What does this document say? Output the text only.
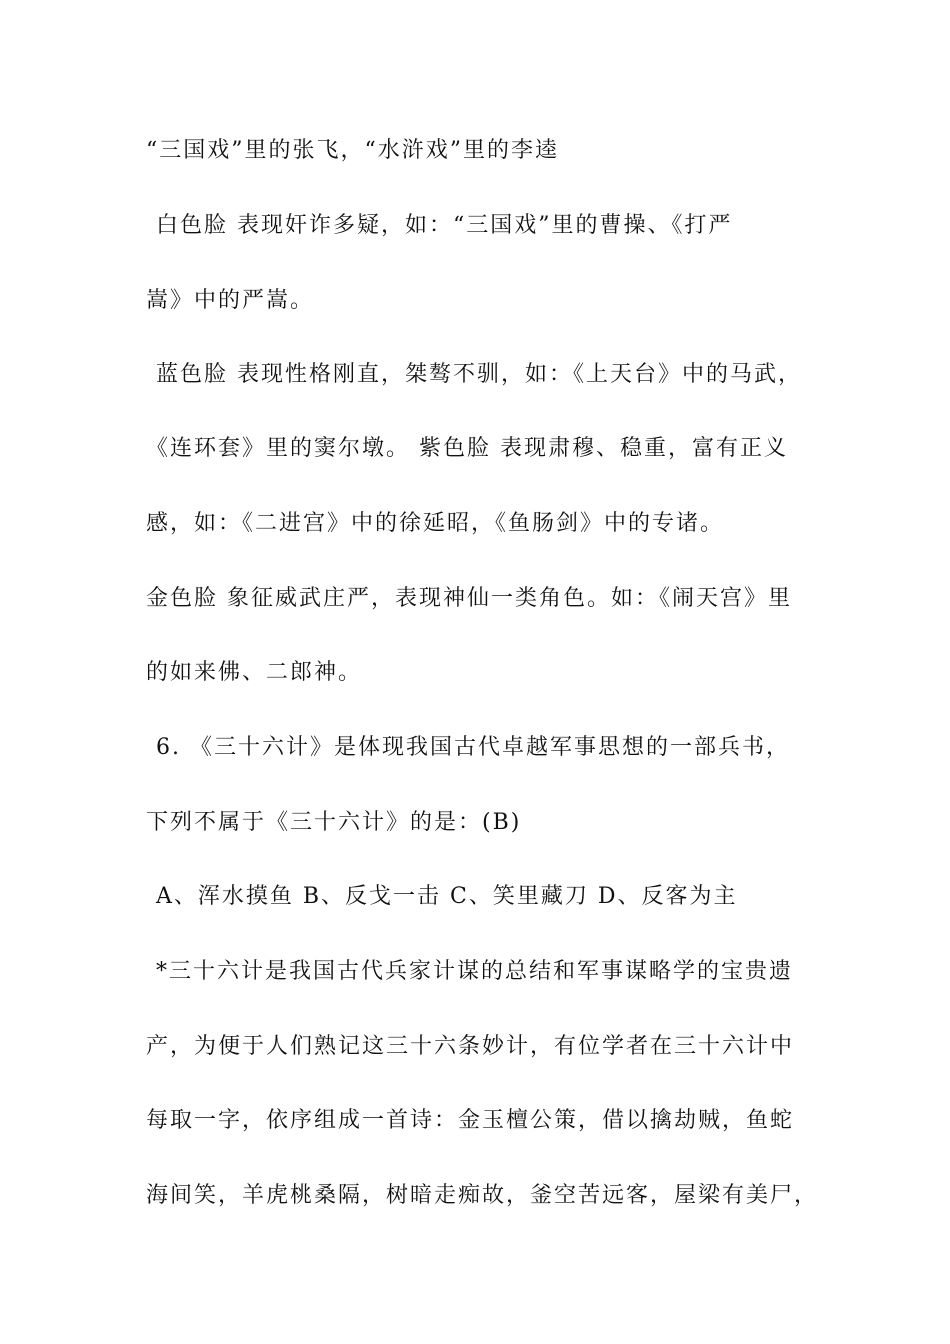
“三国戏”里的张飞，“水浒戏”里的李逵
白色脸 表现奸诈多疑，如：“三国戏”里的曹操、《打严
嵩》中的严嵩。
蓝色脸 表现性格刚直，桀骜不驯，如：《上天台》中的马武，
《连环套》里的窦尔墩。 紫色脸 表现肃穆、稳重，富有正义
感，如：《二进宫》中的徐延昭，《鱼肠剑》中的专诸。
金色脸 象征威武庄严，表现神仙一类角色。如：《闹天宫》里
的如来佛、二郎神。
6. 《三十六计》是体现我国古代卓越军事思想的一部兵书，
下列不属于《三十六计》的是：(B)
A、浑水摸鱼 B、反戈一击 C、笑里藏刀 D、反客为主
*三十六计是我国古代兵家计谋的总结和军事谋略学的宝贵遗
产，为便于人们熟记这三十六条妙计，有位学者在三十六计中
每取一字，依序组成一首诗：金玉檀公策，借以擒劫贼，鱼蛇
海间笑，羊虎桃桑隔，树暗走痴故，釜空苦远客，屋梁有美尸，
